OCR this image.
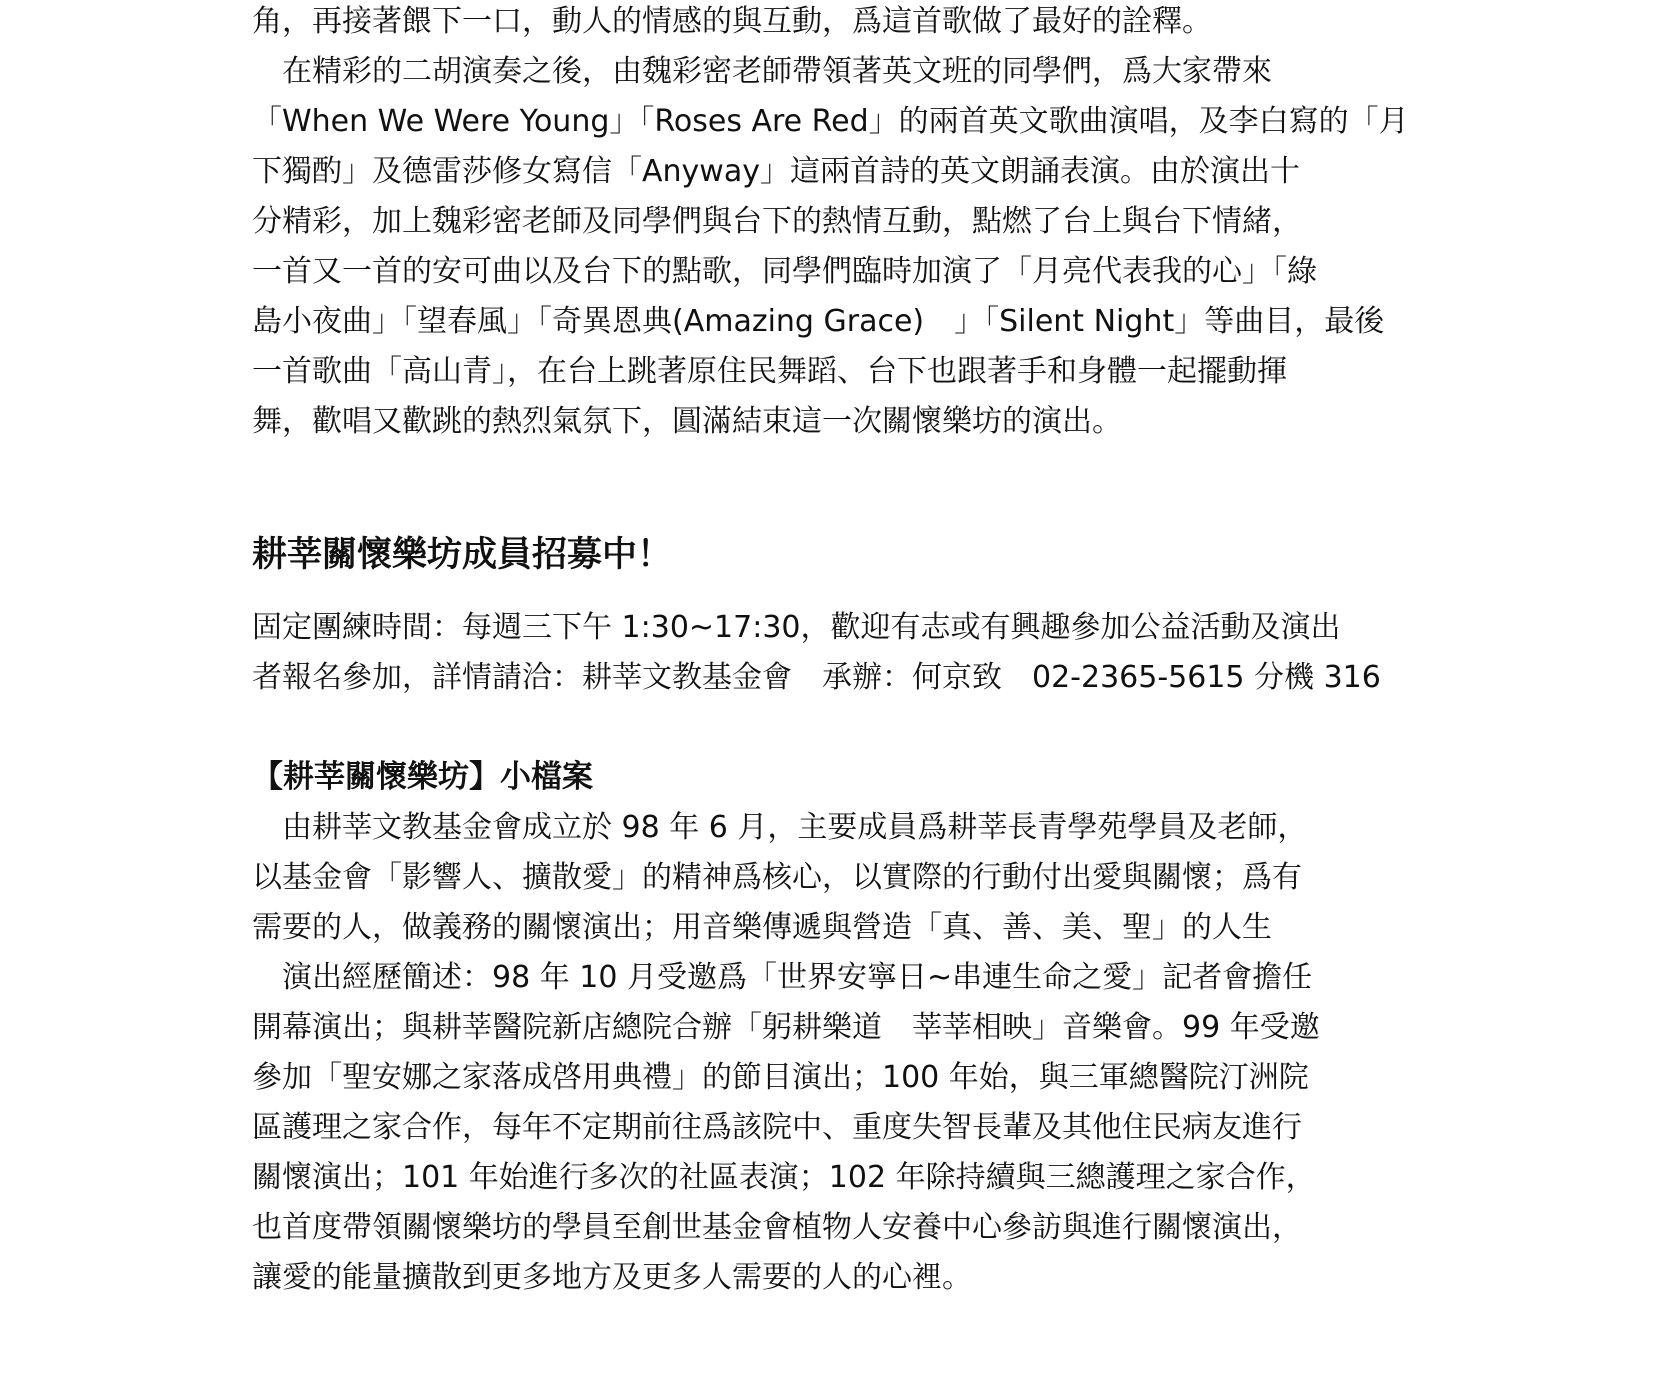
角，再接著餵下一口，動人的情感的與互動，爲這首歌做了最好的詮釋。
　在精彩的二胡演奏之後，由魏彩密老師帶領著英文班的同學們，爲大家帶來
「When We Were Young」「Roses Are Red」的兩首英文歌曲演唱，及李白寫的「月
下獨酌」及德雷莎修女寫信「Anyway」這兩首詩的英文朗誦表演。由於演出十
分精彩，加上魏彩密老師及同學們與台下的熱情互動，點燃了台上與台下情緒，
一首又一首的安可曲以及台下的點歌，同學們臨時加演了「月亮代表我的心」「綠
島小夜曲」「望春風」「奇異恩典(Amazing Grace)　」「Silent Night」等曲目，最後
一首歌曲「高山青」，在台上跳著原住民舞蹈、台下也跟著手和身體一起擺動揮
舞，歡唱又歡跳的熱烈氣氛下，圓滿結束這一次關懷樂坊的演出。
耕莘關懷樂坊成員招募中！
固定團練時間：每週三下午 1:30~17:30，歡迎有志或有興趣參加公益活動及演出
者報名參加，詳情請洽：耕莘文教基金會　承辦：何京致　02-2365-5615 分機 316
【耕莘關懷樂坊】小檔案
　由耕莘文教基金會成立於 98 年 6 月，主要成員爲耕莘長青學苑學員及老師，
以基金會「影響人、擴散愛」的精神爲核心，以實際的行動付出愛與關懷；爲有
需要的人，做義務的關懷演出；用音樂傳遞與營造「真、善、美、聖」的人生
　演出經歷簡述：98 年 10 月受邀爲「世界安寧日~串連生命之愛」記者會擔任
開幕演出；與耕莘醫院新店總院合辦「躬耕樂道　莘莘相映」音樂會。99 年受邀
參加「聖安娜之家落成啓用典禮」的節目演出；100 年始，與三軍總醫院汀洲院
區護理之家合作，每年不定期前往爲該院中、重度失智長輩及其他住民病友進行
關懷演出；101 年始進行多次的社區表演；102 年除持續與三總護理之家合作，
也首度帶領關懷樂坊的學員至創世基金會植物人安養中心參訪與進行關懷演出，
讓愛的能量擴散到更多地方及更多人需要的人的心裡。
